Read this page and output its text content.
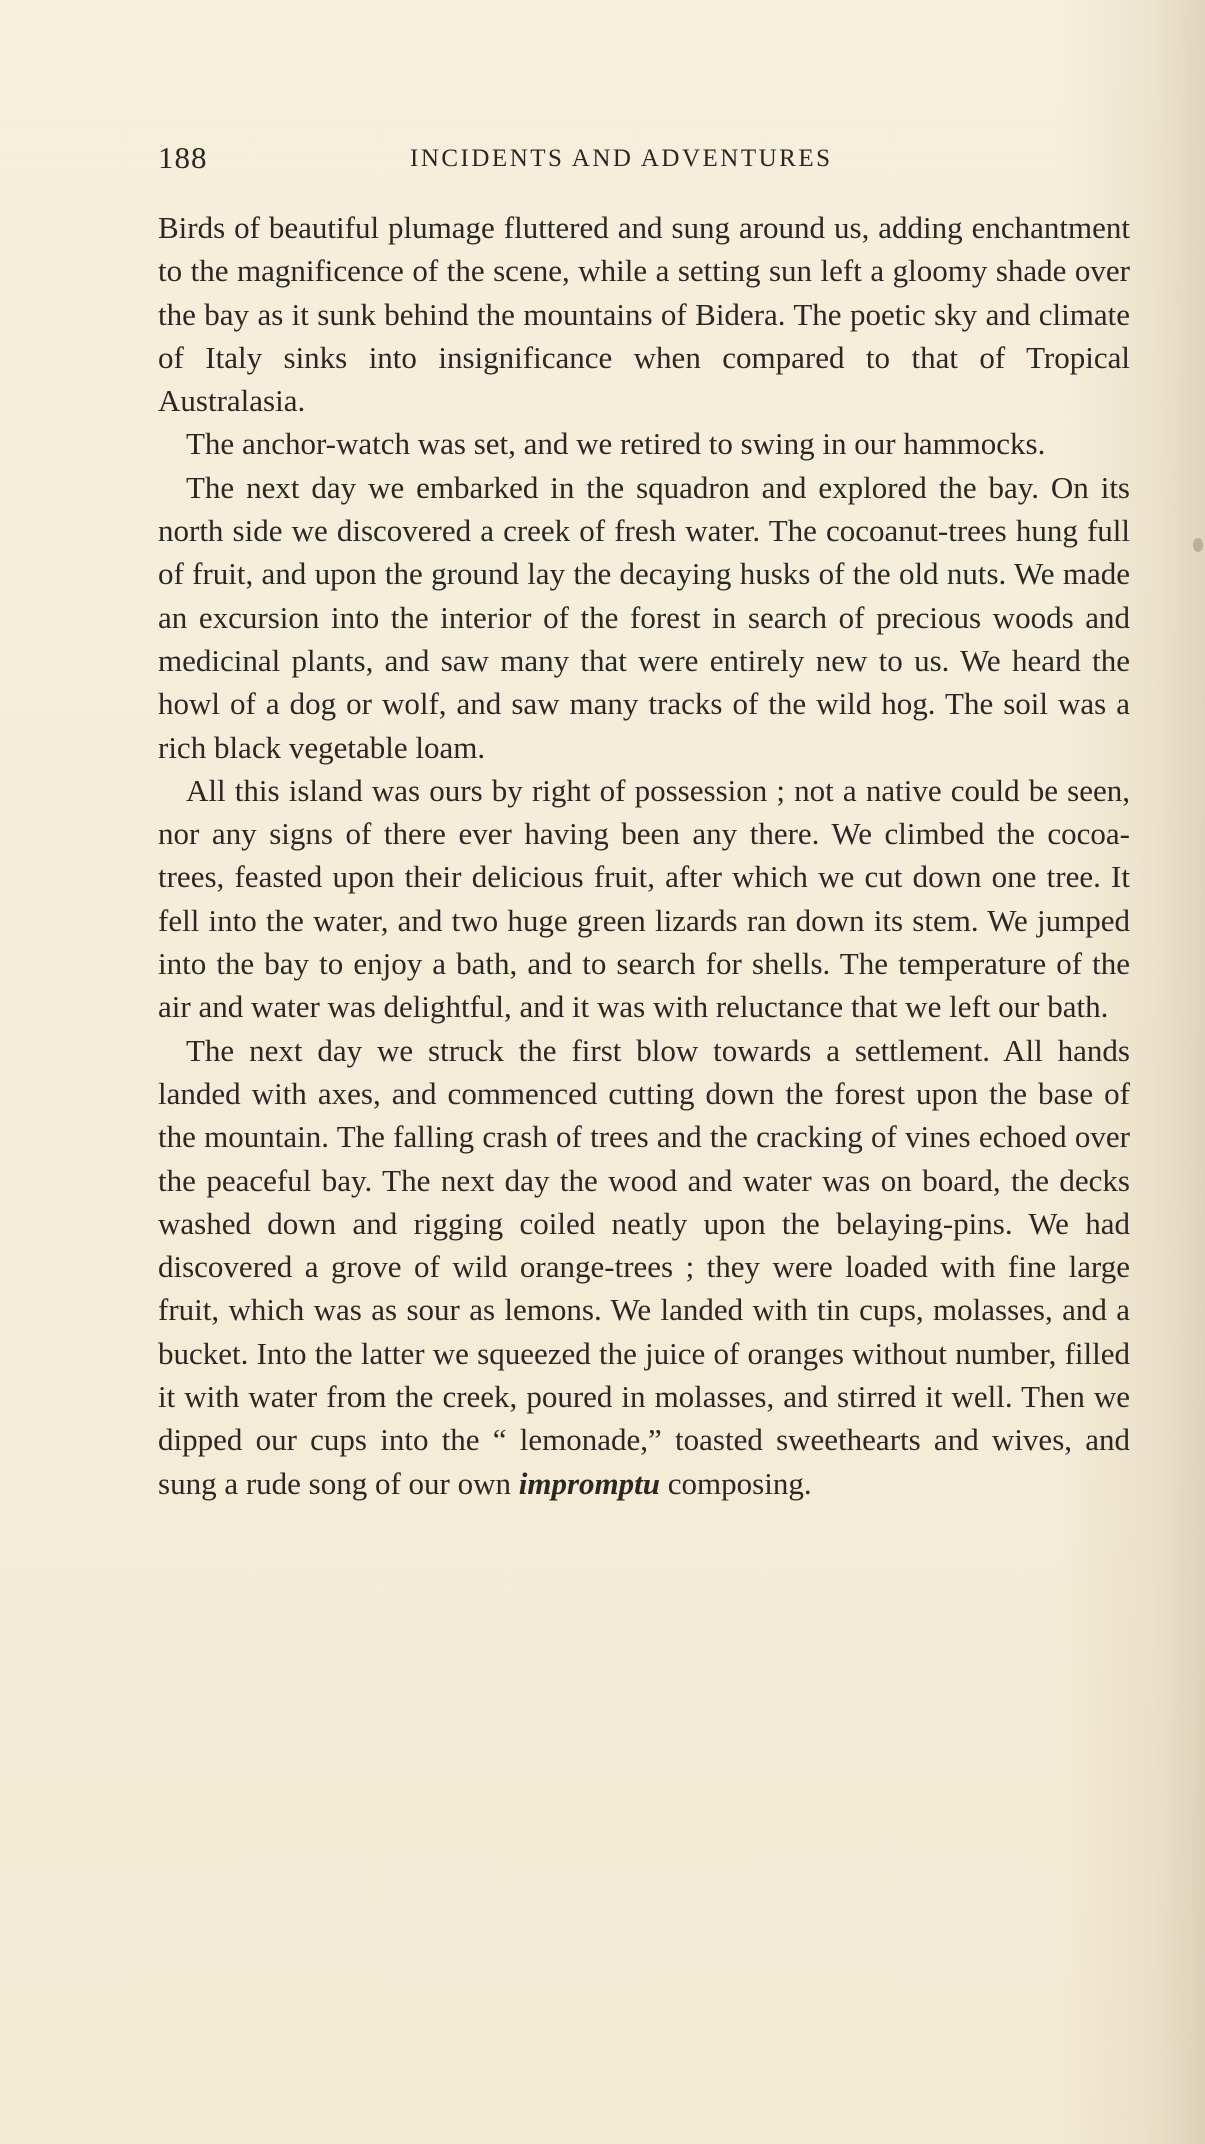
188	INCIDENTS AND ADVENTURES

Birds of beautiful plumage fluttered and sung around us, adding enchantment to the magnificence of the scene, while a setting sun left a gloomy shade over the bay as it sunk behind the mountains of Bidera. The poetic sky and climate of Italy sinks into insignificance when compared to that of Tropical Australasia.

The anchor-watch was set, and we retired to swing in our hammocks.

The next day we embarked in the squadron and explored the bay. On its north side we discovered a creek of fresh water. The cocoanut-trees hung full of fruit, and upon the ground lay the decaying husks of the old nuts. We made an excursion into the interior of the forest in search of precious woods and medicinal plants, and saw many that were entirely new to us. We heard the howl of a dog or wolf, and saw many tracks of the wild hog. The soil was a rich black vegetable loam.

All this island was ours by right of possession ; not a native could be seen, nor any signs of there ever having been any there. We climbed the cocoa-trees, feasted upon their delicious fruit, after which we cut down one tree. It fell into the water, and two huge green lizards ran down its stem. We jumped into the bay to enjoy a bath, and to search for shells. The temperature of the air and water was delightful, and it was with reluctance that we left our bath.

The next day we struck the first blow towards a settlement. All hands landed with axes, and commenced cutting down the forest upon the base of the mountain. The falling crash of trees and the cracking of vines echoed over the peaceful bay. The next day the wood and water was on board, the decks washed down and rigging coiled neatly upon the belaying-pins. We had discovered a grove of wild orange-trees ; they were loaded with fine large fruit, which was as sour as lemons. We landed with tin cups, molasses, and a bucket. Into the latter we squeezed the juice of oranges without number, filled it with water from the creek, poured in molasses, and stirred it well. Then we dipped our cups into the “ lemonade,” toasted sweethearts and wives, and sung a rude song of our own impromptu composing.
